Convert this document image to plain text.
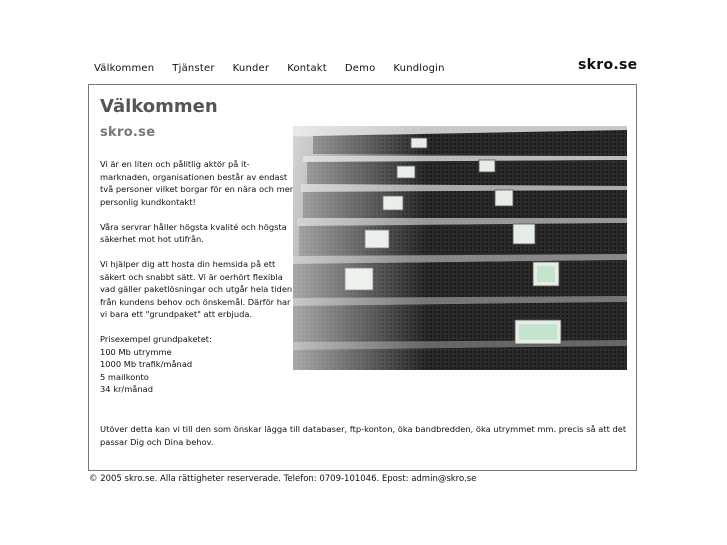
Välkommen Tjänster Kunder Kontakt Demo Kundlogin	skro.se
Välkommen
skro.se

Vi är en liten och pålitlig aktör på it-marknaden, organisationen består av endast två personer vilket borgar för en nära och mer personlig kundkontakt!

Våra servrar håller högsta kvalité och högsta säkerhet mot hot utifrån.

Vi hjälper dig att hosta din hemsida på ett säkert och snabbt sätt. Vi är oerhört flexibla vad gäller paketlösningar och utgår hela tiden från kundens behov och önskemål. Därför har vi bara ett "grundpaket" att erbjuda.

Prisexempel grundpaketet:
100 Mb utrymme
1000 Mb trafik/månad
5 mailkonto
34 kr/månad
Utöver detta kan vi till den som önskar lägga till databaser, ftp-konton, öka bandbredden, öka utrymmet mm. precis så att det passar Dig och Dina behov.
© 2005 skro.se. Alla rättigheter reserverade. Telefon: 0709-101046. Epost: admin@skro.se
